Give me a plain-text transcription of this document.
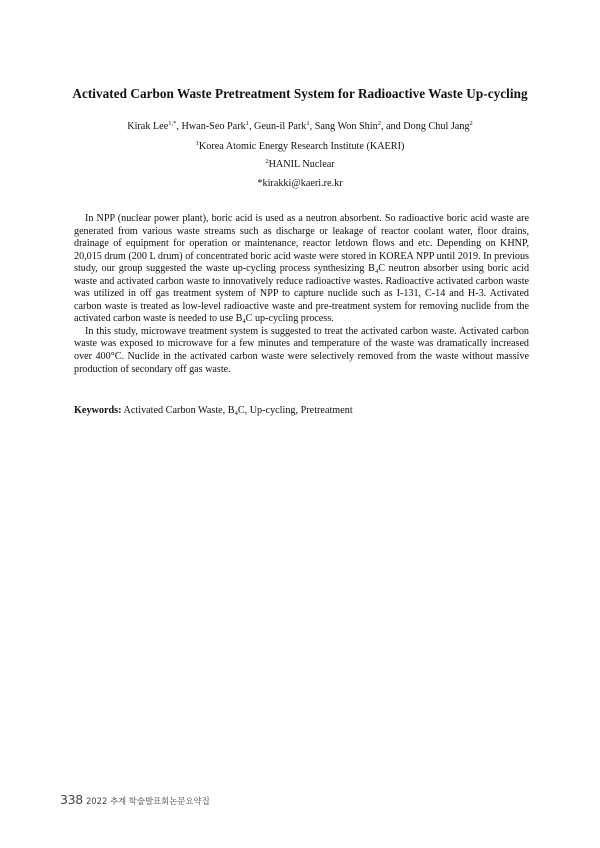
Activated Carbon Waste Pretreatment System for Radioactive Waste Up-cycling
Kirak Lee$^{1,*}$, Hwan-Seo Park$^1$, Geun-il Park$^1$, Sang Won Shin$^2$, and Dong Chul Jang$^2$
$^1$Korea Atomic Energy Research Institute (KAERI)
$^2$HANIL Nuclear
*kirakki@kaeri.re.kr

In NPP (nuclear power plant), boric acid is used as a neutron absorbent. So radioactive boric acid waste are generated from various waste streams such as discharge or leakage of reactor coolant water, floor drains, drainage of equipment for operation or maintenance, reactor letdown flows and etc. Depending on KHNP, 20,015 drum (200 L drum) of concentrated boric acid waste were stored in KOREA NPP until 2019. In previous study, our group suggested the waste up-cycling process synthesizing $B_4C$ neutron absorber using boric acid waste and activated carbon waste to innovatively reduce radioactive wastes. Radioactive activated carbon waste was utilized in off gas treatment system of NPP to capture nuclide such as I-131, C-14 and H-3. Activated carbon waste is treated as low-level radioactive waste and pre-treatment system for removing nuclide from the activated carbon waste is needed to use $B_4C$ up-cycling process.

In this study, microwave treatment system is suggested to treat the activated carbon waste. Activated carbon waste was exposed to microwave for a few minutes and temperature of the waste was dramatically increased over 400°C. Nuclide in the activated carbon waste were selectively removed from the waste without massive production of secondary off gas waste.

Keywords: Activated Carbon Waste, $B_4C$, Up-cycling, Pretreatment
338 2022 추계 학술발표회논문요약집
